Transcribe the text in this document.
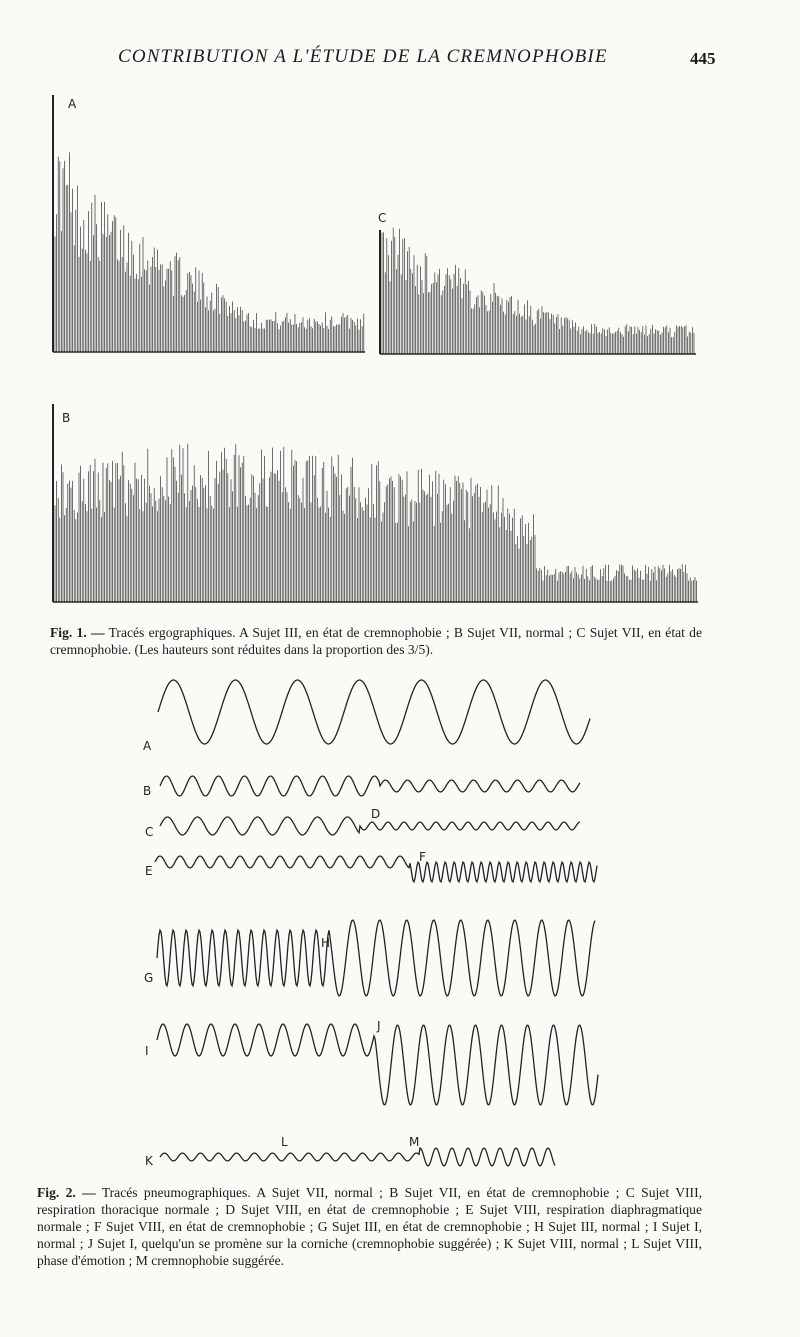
CONTRIBUTION A L'ÉTUDE DE LA CREMNOPHOBIE	445
A
C
B
A
B
C
D
E
F
G
H
I
J
K
L	M
Fig. 1. — Tracés ergographiques. A Sujet III, en état de cremnophobie ; B Sujet VII, normal ; C Sujet VII, en état de cremnophobie. (Les hauteurs sont réduites dans la proportion des 3/5).
Fig. 2. — Tracés pneumographiques. A Sujet VII, normal ; B Sujet VII, en état de cremnophobie ; C Sujet VIII, respiration thoracique normale ; D Sujet VIII, en état de cremnophobie ; E Sujet VIII, respiration diaphragmatique normale ; F Sujet VIII, en état de cremnophobie ; G Sujet III, en état de cremnophobie ; H Sujet III, normal ; I Sujet I, normal ; J Sujet I, quelqu'un se promène sur la corniche (cremnophobie suggérée) ; K Sujet VIII, normal ; L Sujet VIII, phase d'émotion ; M cremnophobie suggérée.
